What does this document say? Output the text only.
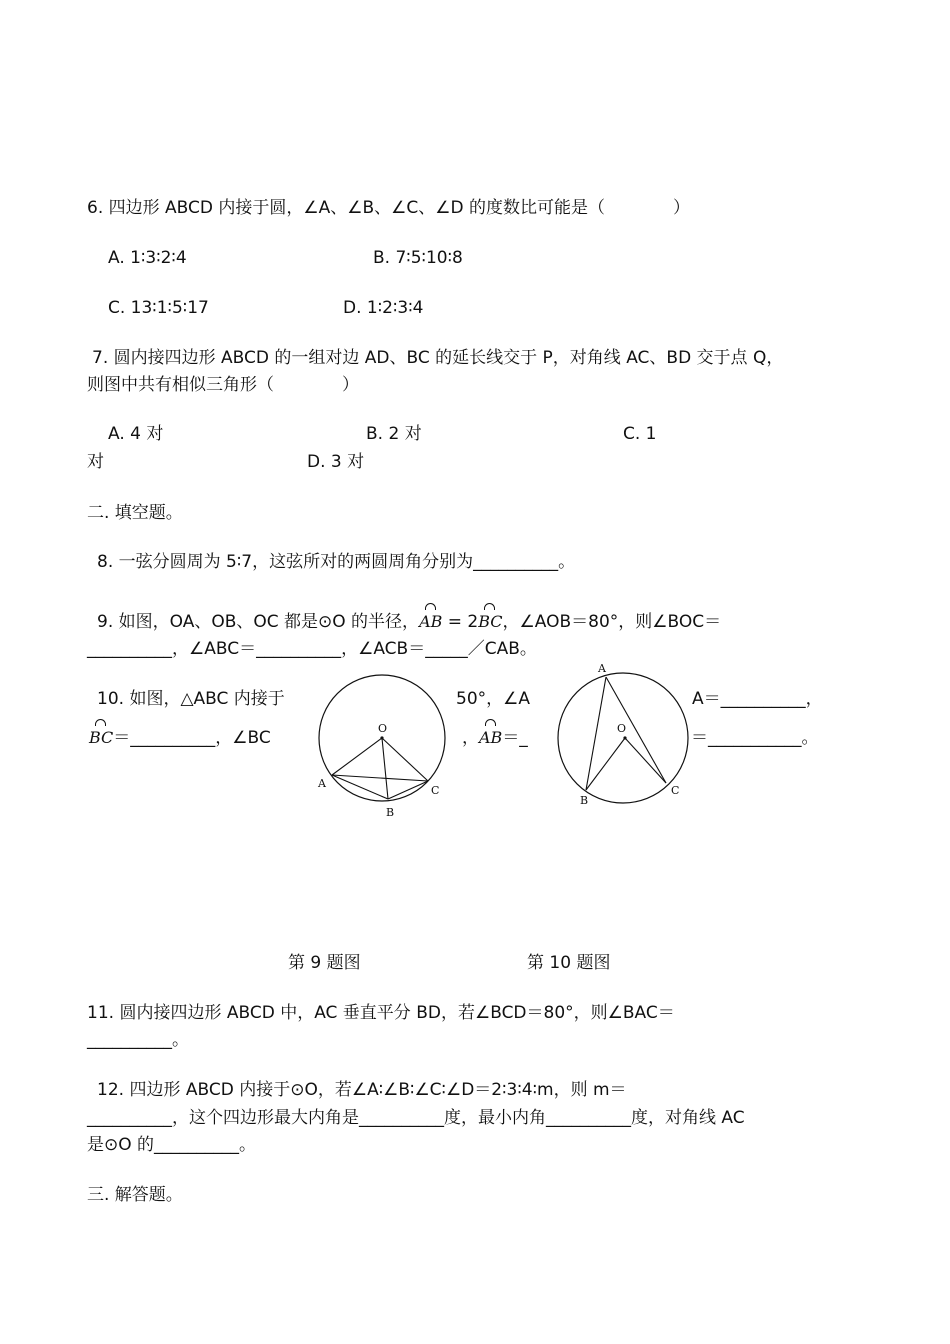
6. 四边形 ABCD 内接于圆，∠A、∠B、∠C、∠D 的度数比可能是（　　　　）
A. 1∶3∶2∶4	B. 7∶5∶10∶8
C. 13∶1∶5∶17	D. 1∶2∶3∶4
7. 圆内接四边形 ABCD 的一组对边 AD、BC 的延长线交于 P，对角线 AC、BD 交于点 Q，
则图中共有相似三角形（　　　　）
A. 4 对	B. 2 对	C. 1
对	D. 3 对
二. 填空题。
8. 一弦分圆周为 5∶7，这弦所对的两圆周角分别为__________。
9. 如图，OA、OB、OC 都是⊙O 的半径，AB = 2BC，∠AOB＝80°，则∠BOC＝
__________，∠ABC＝__________，∠ACB＝_____／CAB。
10. 如图，△ABC 内接于	50°，∠A	A＝__________，
BC＝__________，∠BC	，AB＝_	＝___________。
O
A
B
C
A
O
B
C
第 9 题图	第 10 题图
11. 圆内接四边形 ABCD 中，AC 垂直平分 BD，若∠BCD＝80°，则∠BAC＝
__________。
12. 四边形 ABCD 内接于⊙O，若∠A∶∠B∶∠C∶∠D＝2∶3∶4∶m，则 m＝
__________，这个四边形最大内角是__________度，最小内角__________度，对角线 AC
是⊙O 的__________。
三. 解答题。
